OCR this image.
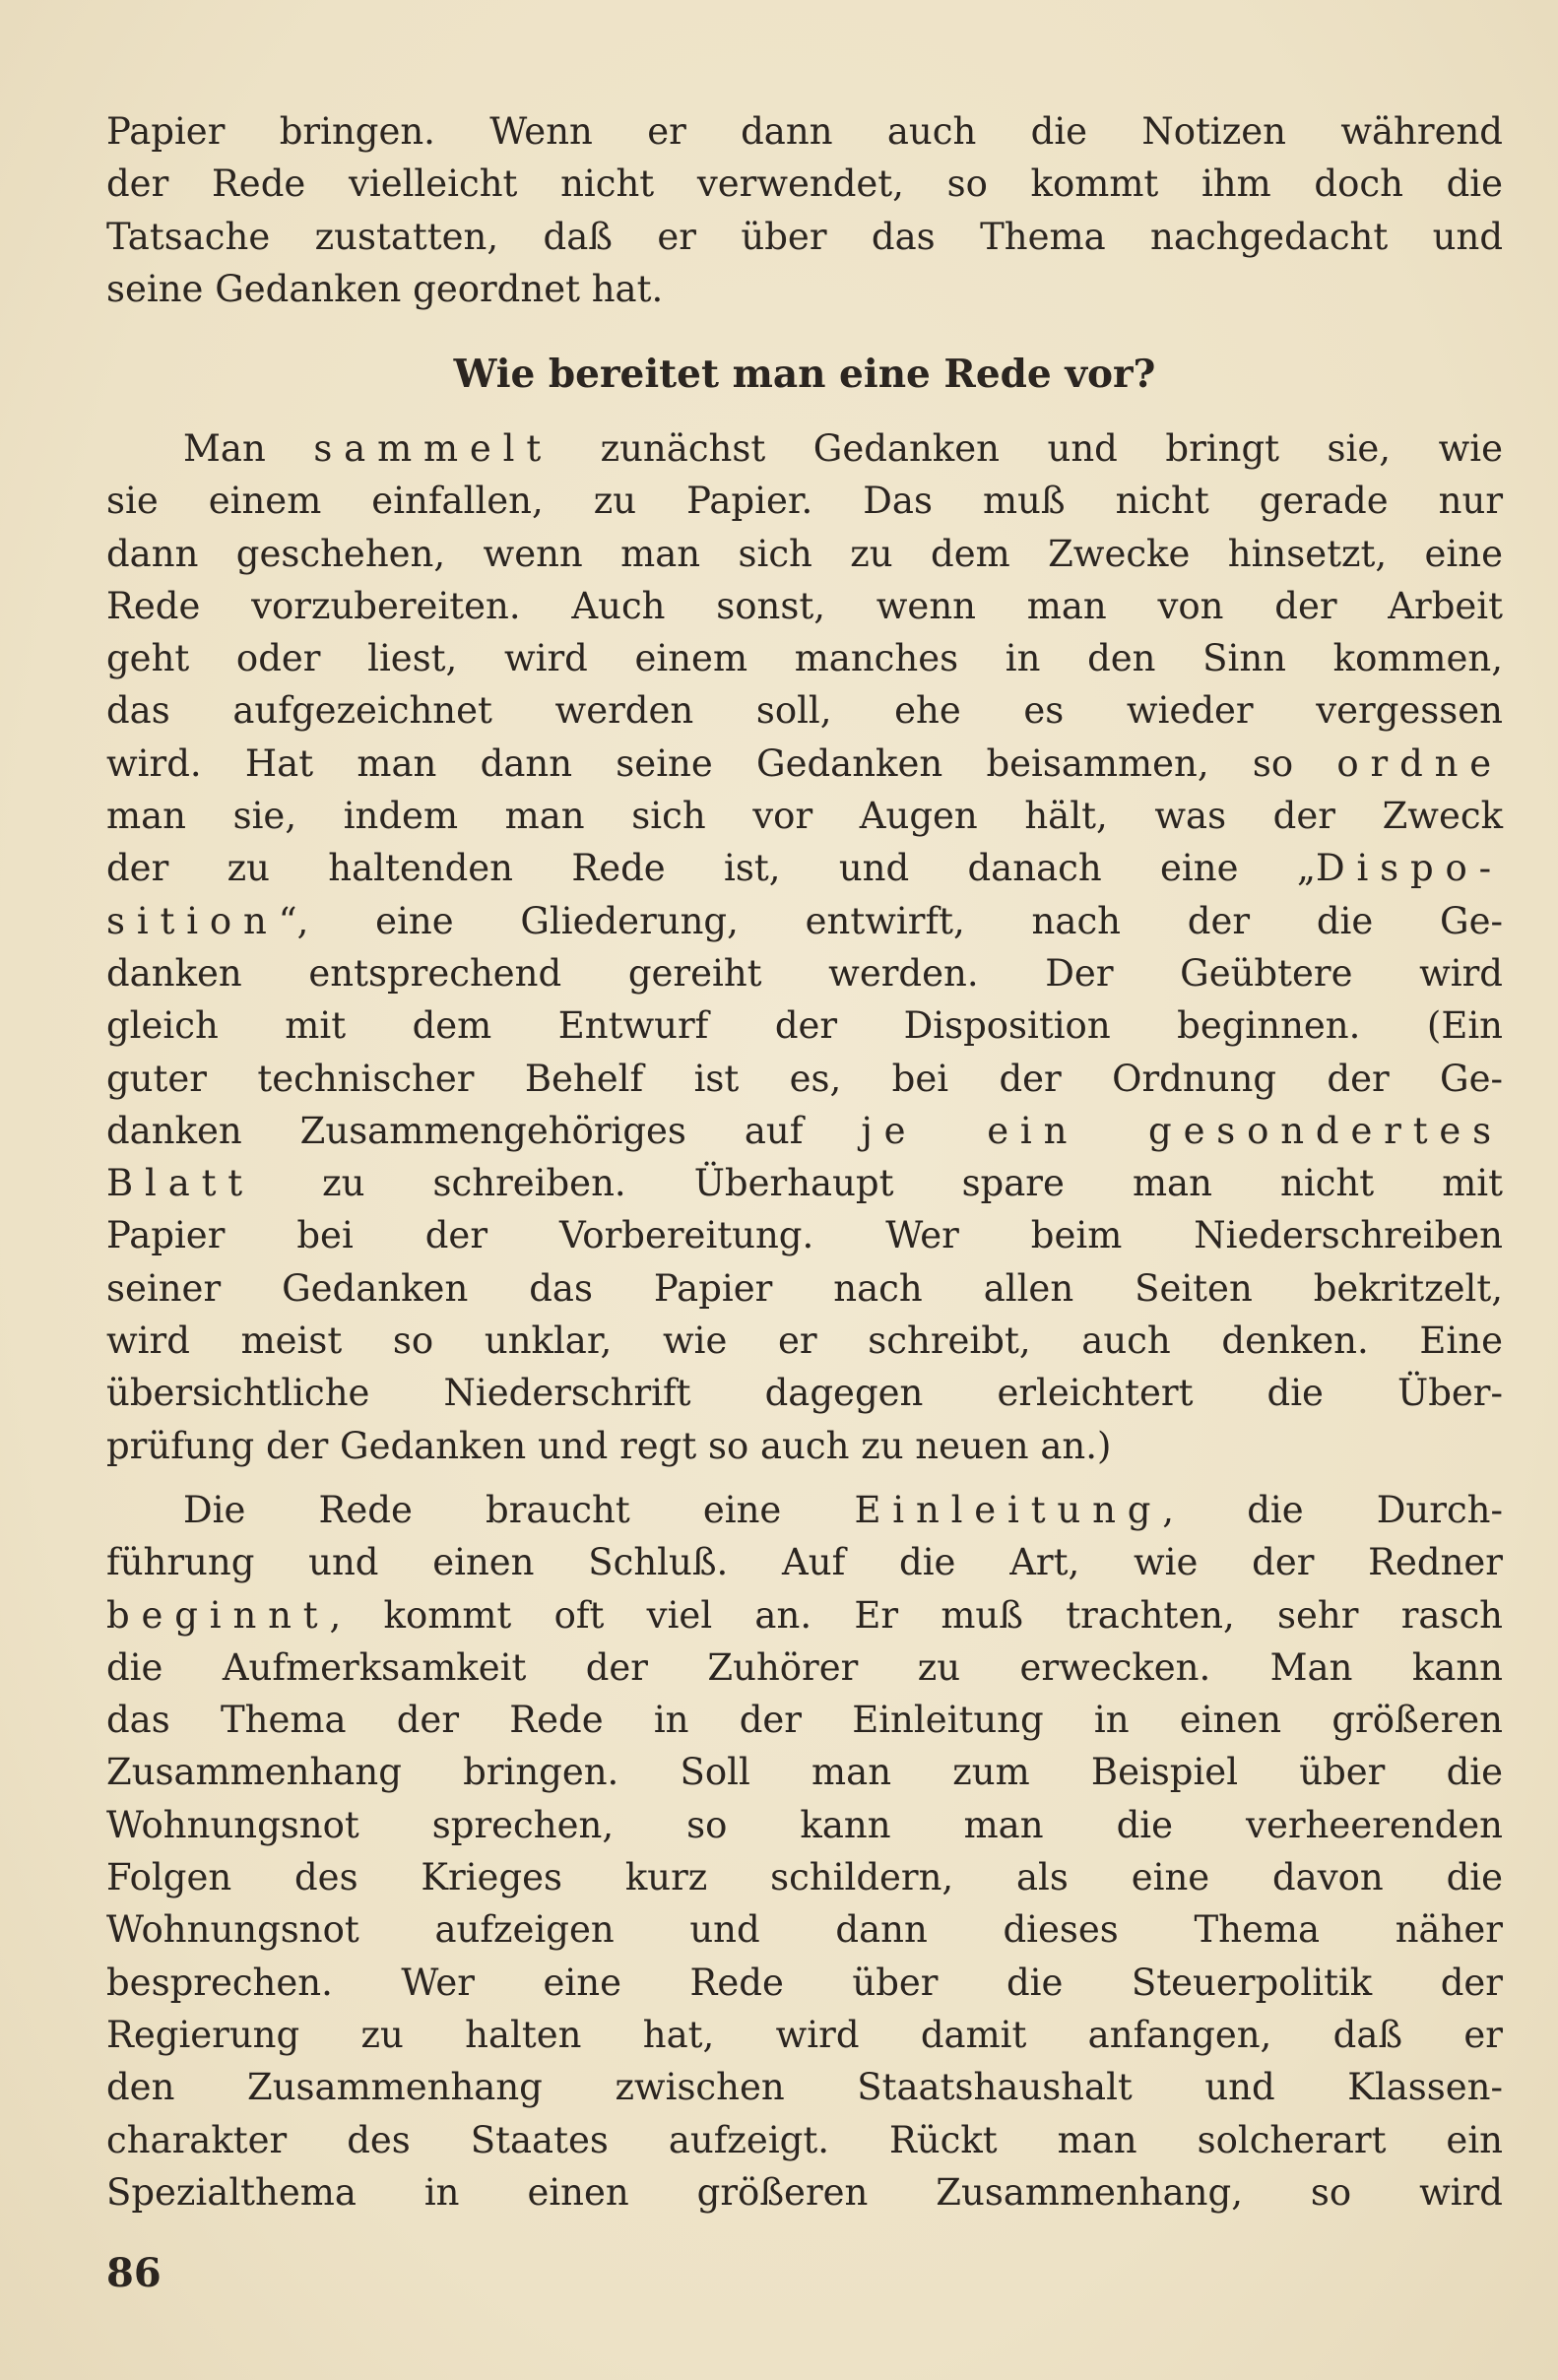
Papier bringen. Wenn er dann auch die Notizen während
der Rede vielleicht nicht verwendet, so kommt ihm doch die
Tatsache zustatten, daß er über das Thema nachgedacht und
seine Gedanken geordnet hat.
Wie bereitet man eine Rede vor?
Man sammelt zunächst Gedanken und bringt sie, wie
sie einem einfallen, zu Papier. Das muß nicht gerade nur
dann geschehen, wenn man sich zu dem Zwecke hinsetzt, eine
Rede vorzubereiten. Auch sonst, wenn man von der Arbeit
geht oder liest, wird einem manches in den Sinn kommen,
das aufgezeichnet werden soll, ehe es wieder vergessen
wird. Hat man dann seine Gedanken beisammen, so ordne
man sie, indem man sich vor Augen hält, was der Zweck
der zu haltenden Rede ist, und danach eine „Dispo-
sition“, eine Gliederung, entwirft, nach der die Ge-
danken entsprechend gereiht werden. Der Geübtere wird
gleich mit dem Entwurf der Disposition beginnen. (Ein
guter technischer Behelf ist es, bei der Ordnung der Ge-
danken Zusammengehöriges auf je ein gesondertes
Blatt zu schreiben. Überhaupt spare man nicht mit
Papier bei der Vorbereitung. Wer beim Niederschreiben
seiner Gedanken das Papier nach allen Seiten bekritzelt,
wird meist so unklar, wie er schreibt, auch denken. Eine
übersichtliche Niederschrift dagegen erleichtert die Über-
prüfung der Gedanken und regt so auch zu neuen an.)
Die Rede braucht eine Einleitung, die Durch-
führung und einen Schluß. Auf die Art, wie der Redner
beginnt, kommt oft viel an. Er muß trachten, sehr rasch
die Aufmerksamkeit der Zuhörer zu erwecken. Man kann
das Thema der Rede in der Einleitung in einen größeren
Zusammenhang bringen. Soll man zum Beispiel über die
Wohnungsnot sprechen, so kann man die verheerenden
Folgen des Krieges kurz schildern, als eine davon die
Wohnungsnot aufzeigen und dann dieses Thema näher
besprechen. Wer eine Rede über die Steuerpolitik der
Regierung zu halten hat, wird damit anfangen, daß er
den Zusammenhang zwischen Staatshaushalt und Klassen-
charakter des Staates aufzeigt. Rückt man solcherart ein
Spezialthema in einen größeren Zusammenhang, so wird
86
